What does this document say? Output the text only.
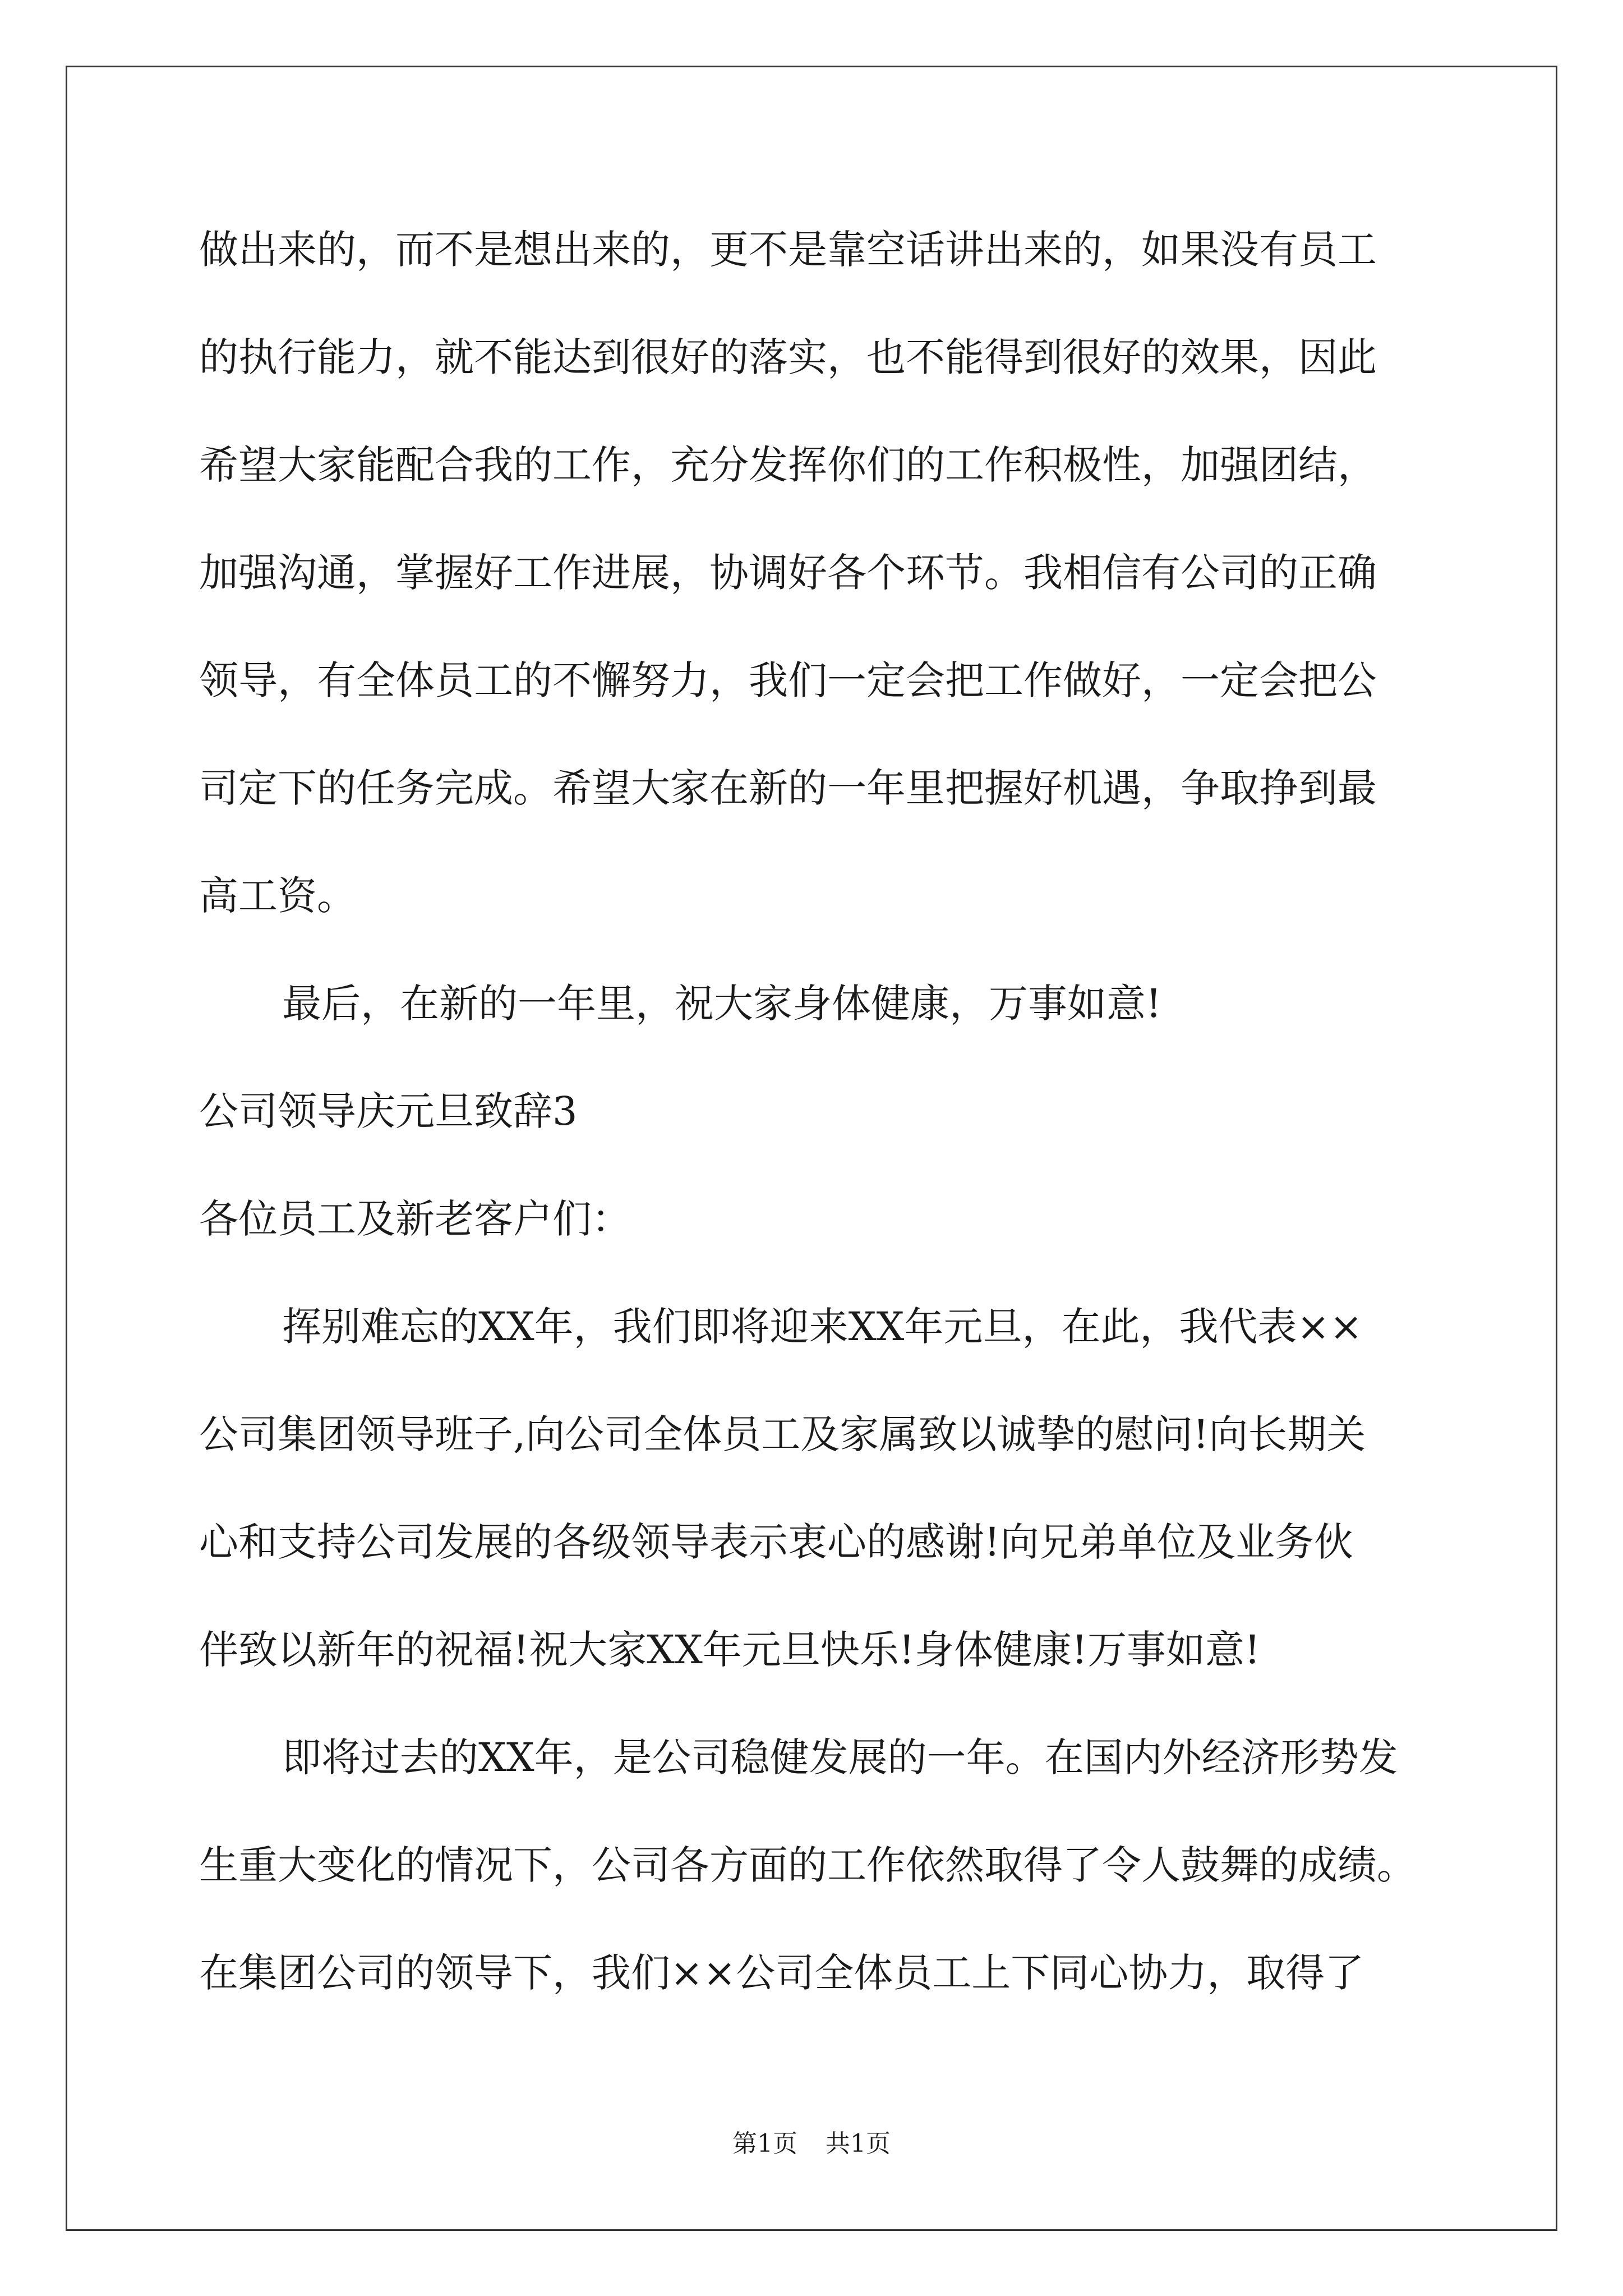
做出来的，而不是想出来的，更不是靠空话讲出来的，如果没有员工
的执行能力，就不能达到很好的落实，也不能得到很好的效果，因此
希望大家能配合我的工作，充分发挥你们的工作积极性，加强团结，
加强沟通，掌握好工作进展，协调好各个环节。我相信有公司的正确
领导，有全体员工的不懈努力，我们一定会把工作做好，一定会把公
司定下的任务完成。希望大家在新的一年里把握好机遇，争取挣到最
高工资。
最后，在新的一年里，祝大家身体健康，万事如意!
公司领导庆元旦致辞3
各位员工及新老客户们：
挥别难忘的XX年，我们即将迎来XX年元旦，在此，我代表××
公司集团领导班子,向公司全体员工及家属致以诚挚的慰问!向长期关
心和支持公司发展的各级领导表示衷心的感谢!向兄弟单位及业务伙
伴致以新年的祝福!祝大家XX年元旦快乐!身体健康!万事如意!
即将过去的XX年，是公司稳健发展的一年。在国内外经济形势发
生重大变化的情况下，公司各方面的工作依然取得了令人鼓舞的成绩。
在集团公司的领导下，我们××公司全体员工上下同心协力，取得了
第1页 共1页
